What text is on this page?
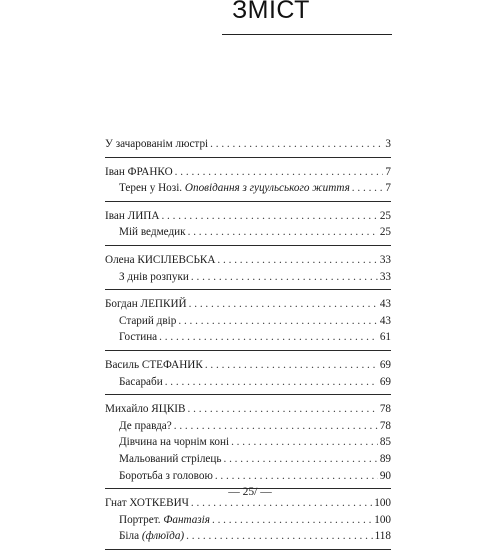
ЗМІСТ
У зачарованім люстрі . . .	3
Іван ФРАНКО . . .	7
Терен у Нозі. Оповідання з гуцульського життя . . .	7
Іван ЛИПА . . .	25
Мій ведмедик . . .	25
Олена КИСІЛЕВСЬКА . . .	33
З днів розпуки . . .	33
Богдан ЛЕПКИЙ . . .	43
Старий двір . . .	43
Гостина . . .	61
Василь СТЕФАНИК . . .	69
Басараби . . .	69
Михайло ЯЦКІВ . . .	78
Де правда? . . .	78
Дівчина на чорнім коні . . .	85
Мальований стрілець . . .	89
Боротьба з головою . . .	90
Гнат ХОТКЕВИЧ . . .	100
Портрет. Фантазія . . .	100
Біла (флюїда) . . .	118
— 25/ —
